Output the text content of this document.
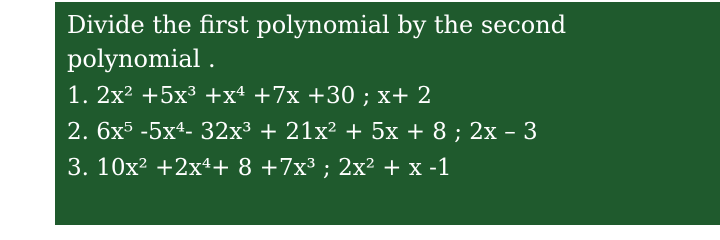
Divide the first polynomial by the second

polynomial .

1. 2x² +5x³ +x⁴ +7x +30 ; x+ 2

2. 6x⁵ -5x⁴- 32x³ + 21x² + 5x + 8 ; 2x – 3

3. 10x² +2x⁴+ 8 +7x³ ; 2x² + x -1
